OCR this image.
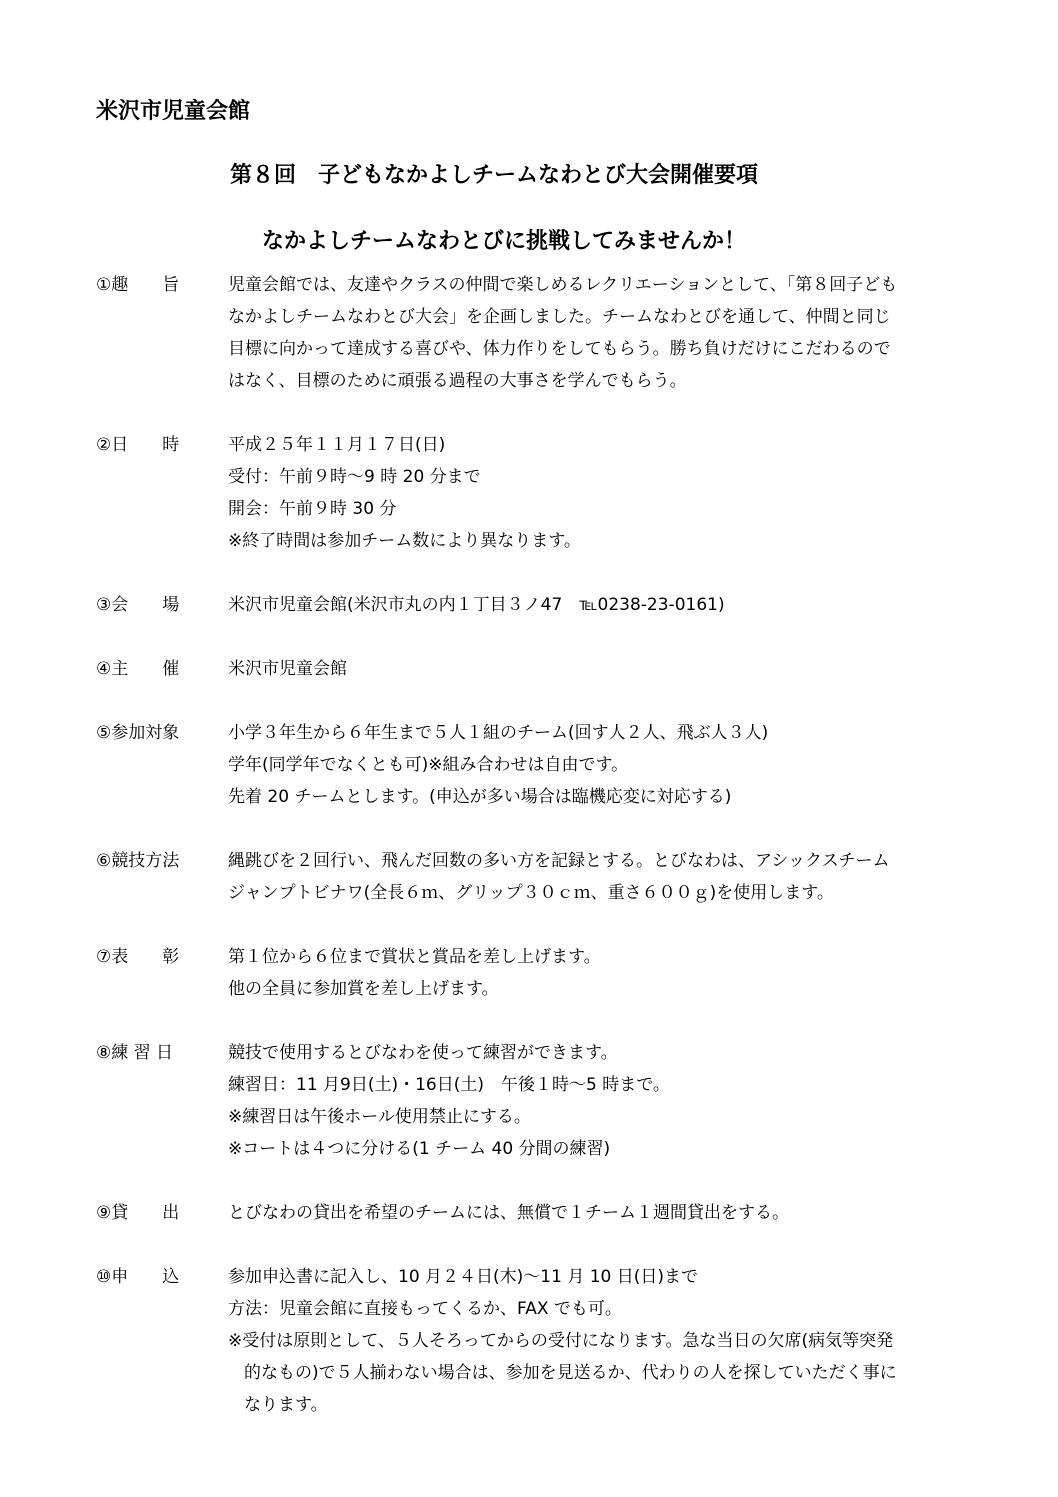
米沢市児童会館
第８回　子どもなかよしチームなわとび大会開催要項
なかよしチームなわとびに挑戦してみませんか！
①趣　　旨	児童会館では、友達やクラスの仲間で楽しめるレクリエーションとして、「第８回子ども
なかよしチームなわとび大会」を企画しました。チームなわとびを通して、仲間と同じ
目標に向かって達成する喜びや、体力作りをしてもらう。勝ち負けだけにこだわるので
はなく、目標のために頑張る過程の大事さを学んでもらう。
②日　　時	平成２５年１１月１７日(日)
受付：午前９時～9 時 20 分まで
開会：午前９時 30 分
※終了時間は参加チーム数により異なります。
③会　　場	米沢市児童会館(米沢市丸の内１丁目３ノ47　℡0238-23-0161)
④主　　催	米沢市児童会館
⑤参加対象	小学３年生から６年生まで５人１組のチーム(回す人２人、飛ぶ人３人)
学年(同学年でなくとも可)※組み合わせは自由です。
先着 20 チームとします。(申込が多い場合は臨機応変に対応する)
⑥競技方法	縄跳びを２回行い、飛んだ回数の多い方を記録とする。とびなわは、アシックスチーム
ジャンプトビナワ(全長６ｍ、グリップ３０ｃｍ、重さ６００ｇ)を使用します。
⑦表　　彰	第１位から６位まで賞状と賞品を差し上げます。
他の全員に参加賞を差し上げます。
⑧練 習 日	競技で使用するとびなわを使って練習ができます。
練習日：11 月9日(土)・16日(土)　午後１時～5 時まで。
※練習日は午後ホール使用禁止にする。
※コートは４つに分ける(1 チーム 40 分間の練習)
⑨貸　　出	とびなわの貸出を希望のチームには、無償で１チーム１週間貸出をする。
⑩申　　込	参加申込書に記入し、10 月２４日(木)～11 月 10 日(日)まで
方法：児童会館に直接もってくるか、FAX でも可。
※受付は原則として、５人そろってからの受付になります。急な当日の欠席(病気等突発
的なもの)で５人揃わない場合は、参加を見送るか、代わりの人を探していただく事に
なります。
